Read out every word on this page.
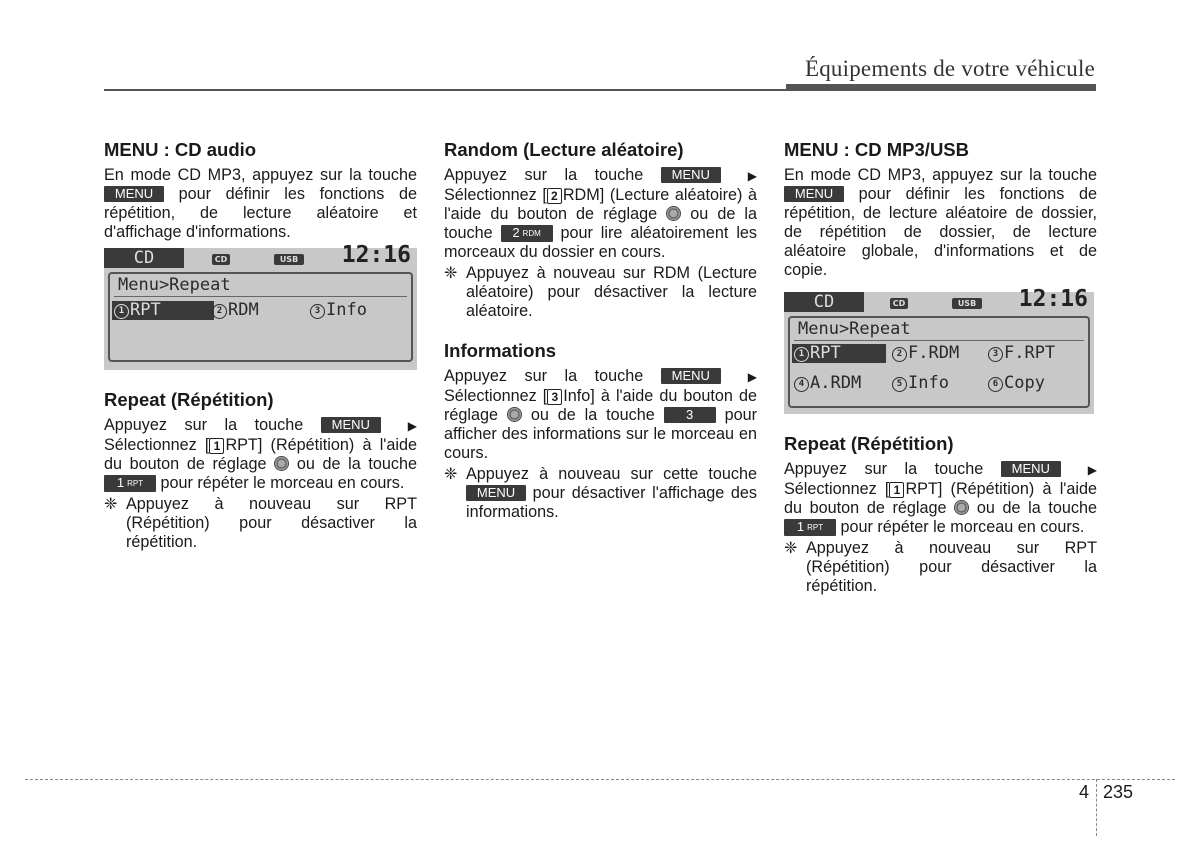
Équipements de votre véhicule
MENU : CD audio

En mode CD MP3, appuyez sur la touche MENU pour définir les fonctions de répétition, de lecture aléatoire et d'affichage d'informations.

CD	CD	USB 12:16
Menu>Repeat
1 RPT	2 RDM	3 Info
Repeat (Répétition)

Appuyez sur la touche MENU ▶ Sélectionnez [ 1 RPT] (Répétition) à l'aide du bouton de réglage ou de la touche 1 $^{RPT}$ pour répéter le morceau en cours.

❈ Appuyez à nouveau sur RPT (Répétition) pour désactiver la répétition.
Random (Lecture aléatoire)

Appuyez sur la touche MENU ▶ Sélectionnez [ 2 RDM] (Lecture aléatoire) à l'aide du bouton de réglage ou de la touche 2 $^{RDM}$ pour lire aléatoirement les morceaux du dossier en cours.

❈ Appuyez à nouveau sur RDM (Lecture aléatoire) pour désactiver la lecture aléatoire.
Informations

Appuyez sur la touche MENU ▶ Sélectionnez [ 3 Info] à l'aide du bouton de réglage ou de la touche 3 pour afficher des informations sur le morceau en cours.

❈ Appuyez à nouveau sur cette touche MENU pour désactiver l'affichage des informations.
MENU : CD MP3/USB

En mode CD MP3, appuyez sur la touche MENU pour définir les fonctions de répétition, de lecture aléatoire de dossier, de répétition de dossier, de lecture aléatoire globale, d'informations et de copie.

CD	CD	USB 12:16
Menu>Repeat
1 RPT	2 F.RDM	3 F.RPT
4 A.RDM	5 Info	6 Copy
Repeat (Répétition)

Appuyez sur la touche MENU ▶ Sélectionnez [ 1 RPT] (Répétition) à l'aide du bouton de réglage ou de la touche 1 $^{RPT}$ pour répéter le morceau en cours.

❈ Appuyez à nouveau sur RPT (Répétition) pour désactiver la répétition.
4 235
